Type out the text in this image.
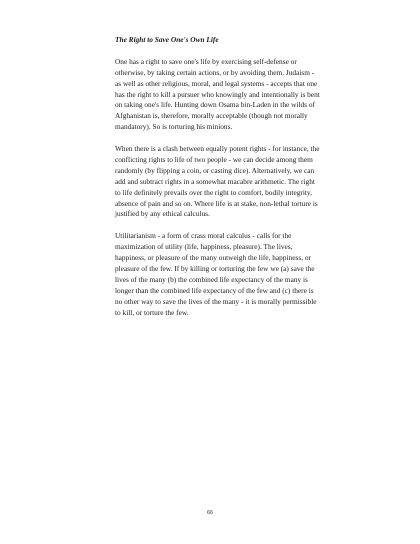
The Right to Save One's Own Life

One has a right to save one's life by exercising self-defense or otherwise, by taking certain actions, or by avoiding them. Judaism - as well as other religious, moral, and legal systems - accepts that one has the right to kill a pursuer who knowingly and intentionally is bent on taking one's life. Hunting down Osama bin-Laden in the wilds of Afghanistan is, therefore, morally acceptable (though not morally mandatory). So is torturing his minions.

When there is a clash between equally potent rights - for instance, the conflicting rights to life of two people - we can decide among them randomly (by flipping a coin, or casting dice). Alternatively, we can add and subtract rights in a somewhat macabre arithmetic. The right to life definitely prevails over the right to comfort, bodily integrity, absence of pain and so on. Where life is at stake, non-lethal torture is justified by any ethical calculus.

Utilitarianism - a form of crass moral calculus - calls for the maximization of utility (life, happiness, pleasure). The lives, happiness, or pleasure of the many outweigh the life, happiness, or pleasure of the few. If by killing or torturing the few we (a) save the lives of the many (b) the combined life expectancy of the many is longer than the combined life expectancy of the few and (c) there is no other way to save the lives of the many - it is morally permissible to kill, or torture the few.

66
